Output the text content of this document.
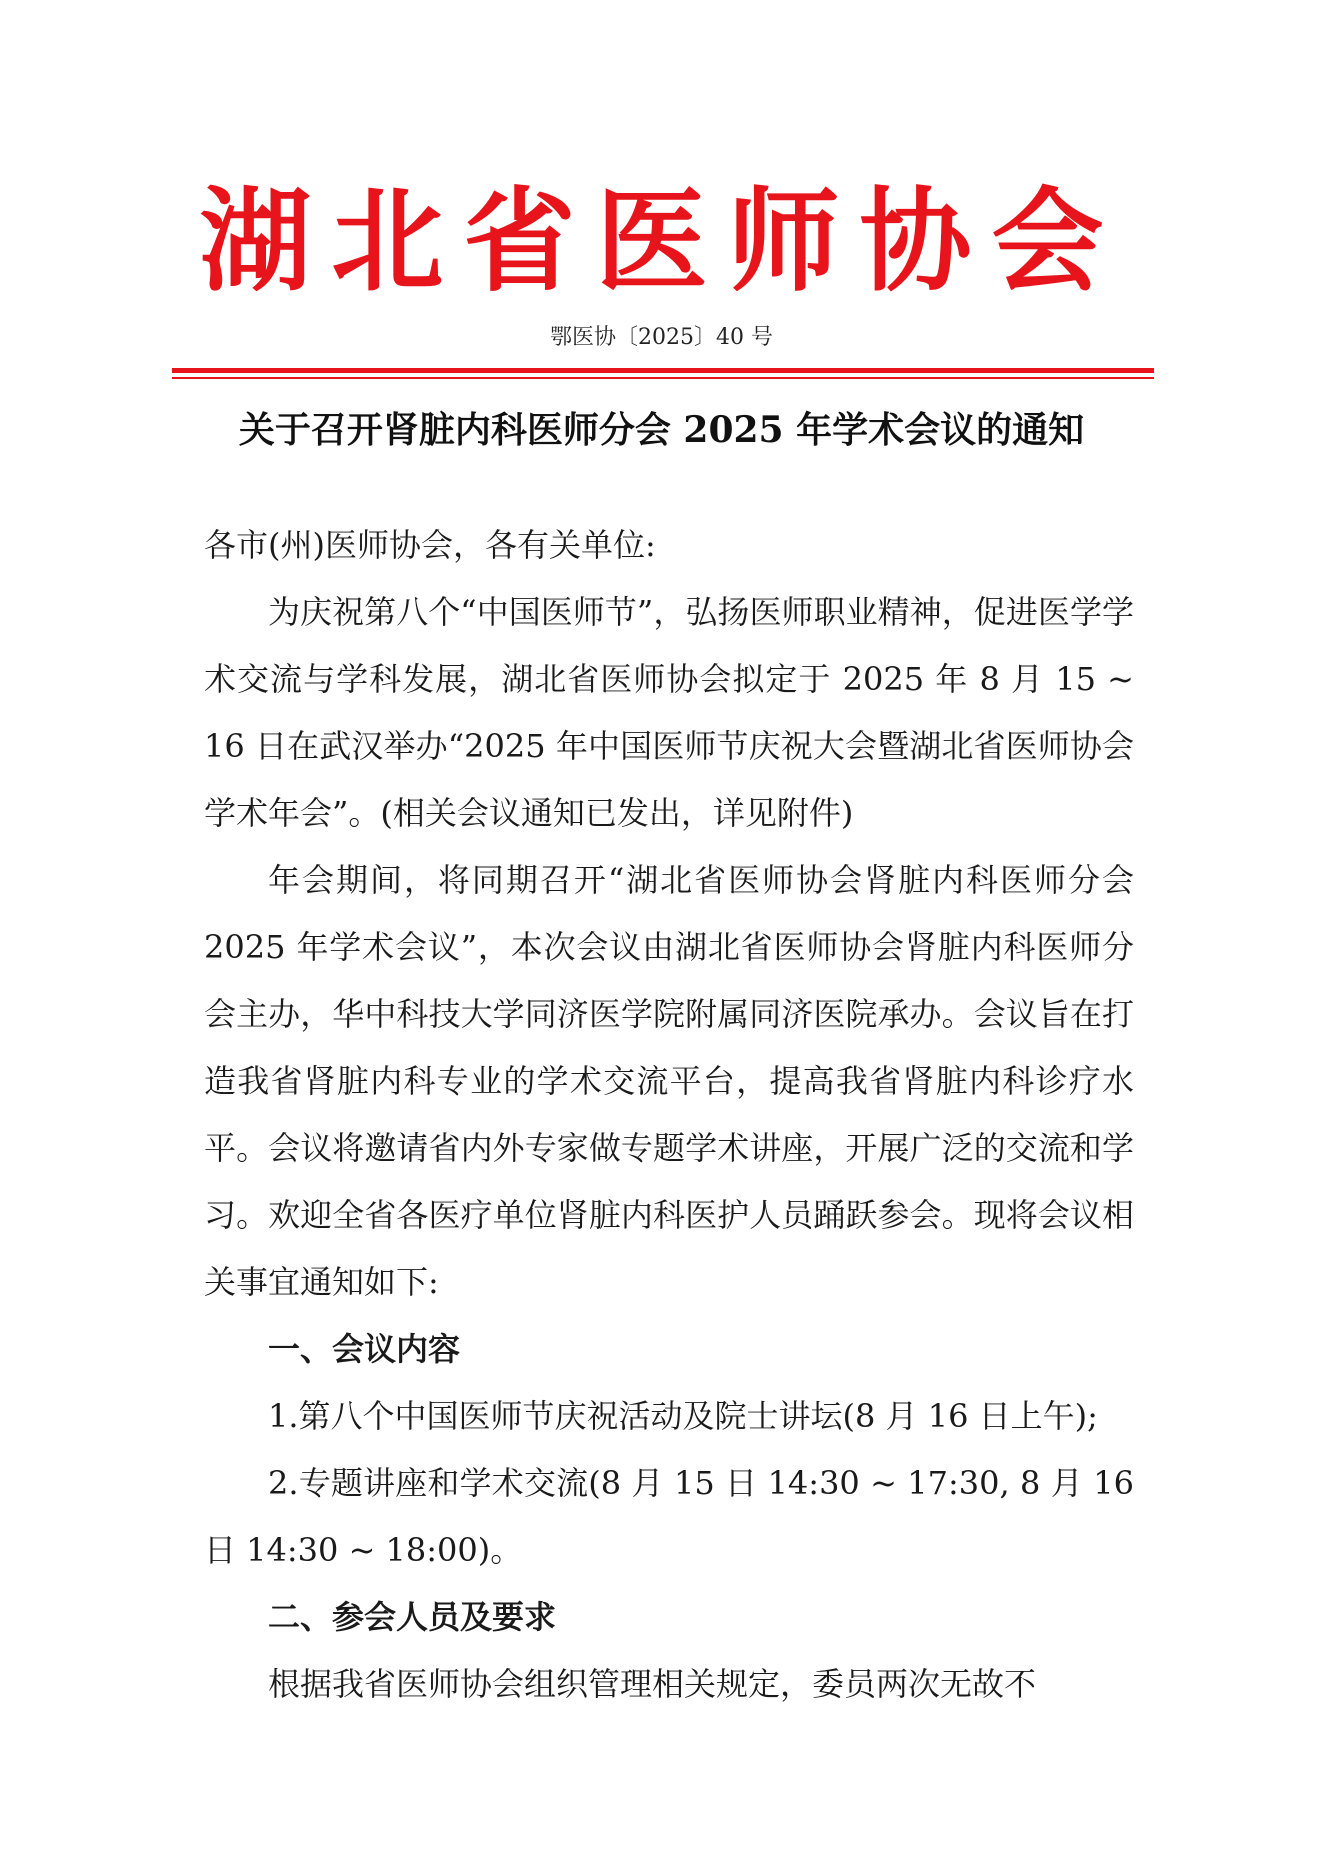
湖北省医师协会
鄂医协〔2025〕40 号
关于召开肾脏内科医师分会 2025 年学术会议的通知

各市(州)医师协会，各有关单位:

为庆祝第八个“中国医师节”，弘扬医师职业精神，促进医学学术交流与学科发展，湖北省医师协会拟定于 2025 年 8 月 15 ~ 16 日在武汉举办“2025 年中国医师节庆祝大会暨湖北省医师协会学术年会”。(相关会议通知已发出，详见附件)

年会期间，将同期召开“湖北省医师协会肾脏内科医师分会 2025 年学术会议”，本次会议由湖北省医师协会肾脏内科医师分会主办，华中科技大学同济医学院附属同济医院承办。会议旨在打造我省肾脏内科专业的学术交流平台，提高我省肾脏内科诊疗水平。会议将邀请省内外专家做专题学术讲座，开展广泛的交流和学习。欢迎全省各医疗单位肾脏内科医护人员踊跃参会。现将会议相关事宜通知如下:

一、会议内容

1.第八个中国医师节庆祝活动及院士讲坛(8 月 16 日上午);

2.专题讲座和学术交流(8 月 15 日 14:30 ~ 17:30, 8 月 16 日 14:30 ~ 18:00)。

二、参会人员及要求

根据我省医师协会组织管理相关规定，委员两次无故不
